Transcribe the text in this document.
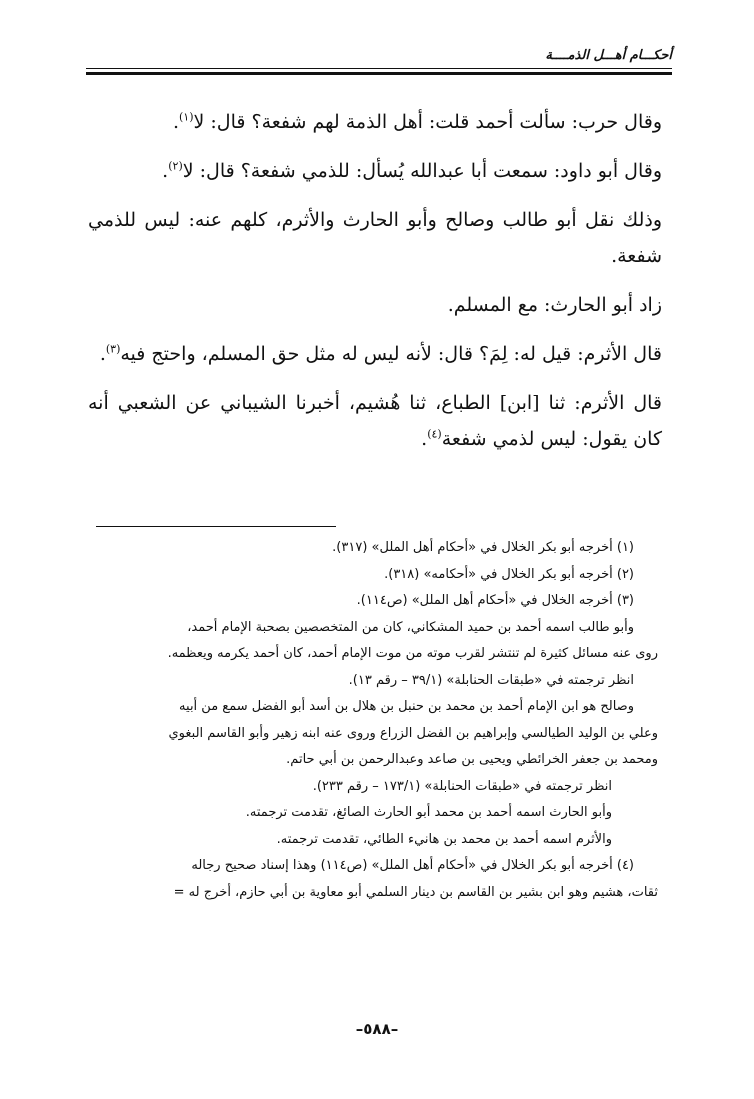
أحكـــام أهـــل الذمــــة

وقال حرب: سألت أحمد قلت: أهل الذمة لهم شفعة؟ قال: لا$^{(١)}$.

وقال أبو داود: سمعت أبا عبدالله يُسأل: للذمي شفعة؟ قال: لا$^{(٢)}$.

وذلك نقل أبو طالب وصالح وأبو الحارث والأثرم، كلهم عنه: ليس للذمي شفعة.

زاد أبو الحارث: مع المسلم.

قال الأثرم: قيل له: لِمَ؟ قال: لأنه ليس له مثل حق المسلم، واحتج فيه$^{(٣)}$.

قال الأثرم: ثنا [ابن] الطباع، ثنا هُشيم، أخبرنا الشيباني عن الشعبي أنه كان يقول: ليس لذمي شفعة$^{(٤)}$.

(١) أخرجه أبو بكر الخلال في «أحكام أهل الملل» (٣١٧).

(٢) أخرجه أبو بكر الخلال في «أحكامه» (٣١٨).

(٣) أخرجه الخلال في «أحكام أهل الملل» (ص١١٤).

وأبو طالب اسمه أحمد بن حميد المشكاني، كان من المتخصصين بصحبة الإمام أحمد،

روى عنه مسائل كثيرة لم تنتشر لقرب موته من موت الإمام أحمد، كان أحمد يكرمه ويعظمه.

انظر ترجمته في «طبقات الحنابلة» (٣٩/١ – رقم ١٣).

وصالح هو ابن الإمام أحمد بن محمد بن حنبل بن هلال بن أسد أبو الفضل سمع من أبيه

وعلي بن الوليد الطيالسي وإبراهيم بن الفضل الزراع وروى عنه ابنه زهير وأبو القاسم البغوي

ومحمد بن جعفر الخرائطي ويحيى بن صاعد وعبدالرحمن بن أبي حاتم.

انظر ترجمته في «طبقات الحنابلة» (١٧٣/١ – رقم ٢٣٣).

وأبو الحارث اسمه أحمد بن محمد أبو الحارث الصائغ، تقدمت ترجمته.

والأثرم اسمه أحمد بن محمد بن هانيء الطائي، تقدمت ترجمته.

(٤) أخرجه أبو بكر الخلال في «أحكام أهل الملل» (ص١١٤) وهذا إسناد صحيح رجاله

ثقات، هشيم وهو ابن بشير بن القاسم بن دينار السلمي أبو معاوية بن أبي حازم، أخرج له =

–٥٨٨–
